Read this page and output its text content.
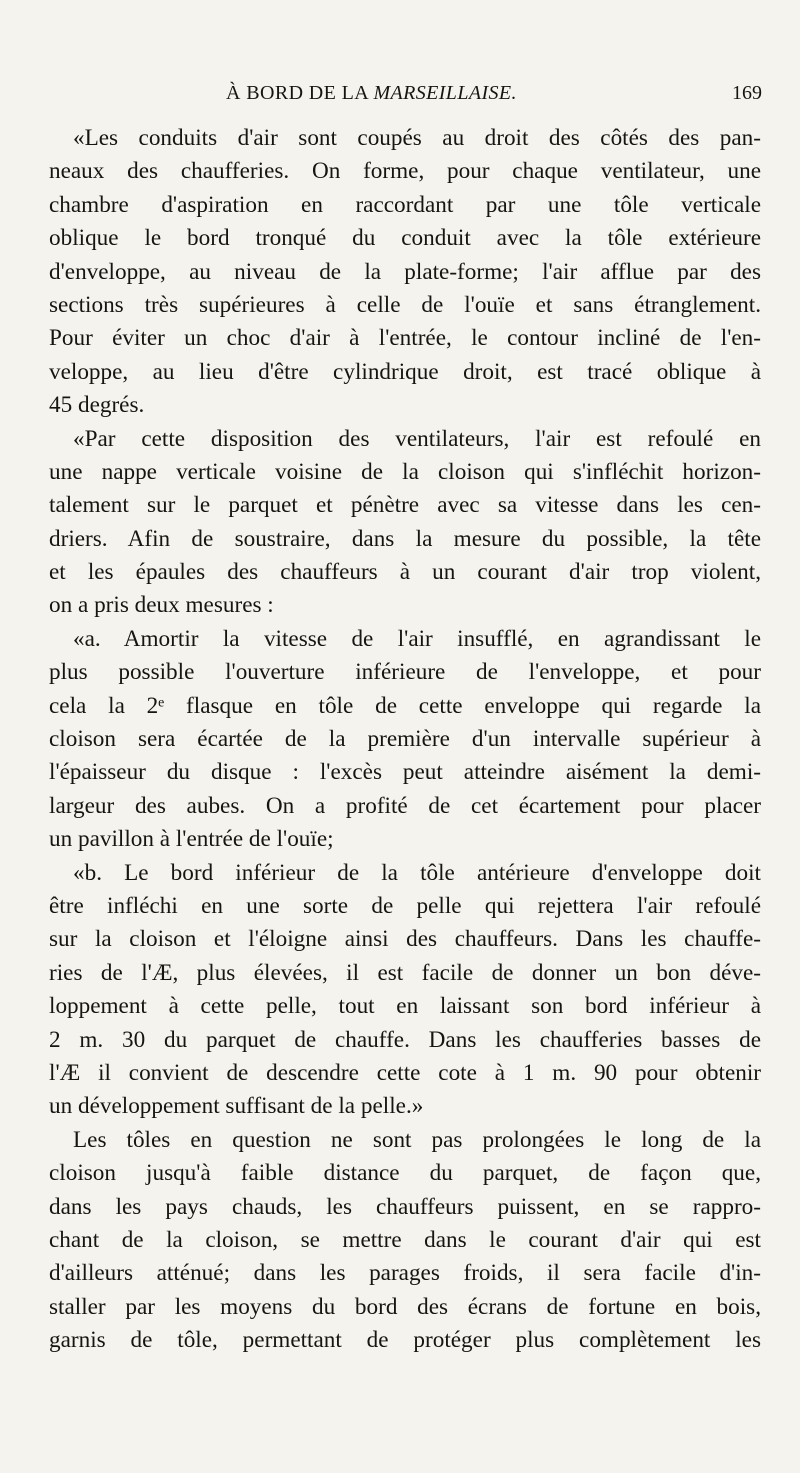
À BORD DE LA MARSEILLAISE.	169
«Les conduits d'air sont coupés au droit des côtés des pan-
neaux des chaufferies. On forme, pour chaque ventilateur, une
chambre d'aspiration en raccordant par une tôle verticale
oblique le bord tronqué du conduit avec la tôle extérieure
d'enveloppe, au niveau de la plate-forme; l'air afflue par des
sections très supérieures à celle de l'ouïe et sans étranglement.
Pour éviter un choc d'air à l'entrée, le contour incliné de l'en-
veloppe, au lieu d'être cylindrique droit, est tracé oblique à
45 degrés.
«Par cette disposition des ventilateurs, l'air est refoulé en
une nappe verticale voisine de la cloison qui s'infléchit horizon-
talement sur le parquet et pénètre avec sa vitesse dans les cen-
driers. Afin de soustraire, dans la mesure du possible, la tête
et les épaules des chauffeurs à un courant d'air trop violent,
on a pris deux mesures :
«a. Amortir la vitesse de l'air insufflé, en agrandissant le
plus possible l'ouverture inférieure de l'enveloppe, et pour
cela la 2ᵉ flasque en tôle de cette enveloppe qui regarde la
cloison sera écartée de la première d'un intervalle supérieur à
l'épaisseur du disque : l'excès peut atteindre aisément la demi-
largeur des aubes. On a profité de cet écartement pour placer
un pavillon à l'entrée de l'ouïe;
«b. Le bord inférieur de la tôle antérieure d'enveloppe doit
être infléchi en une sorte de pelle qui rejettera l'air refoulé
sur la cloison et l'éloigne ainsi des chauffeurs. Dans les chauffe-
ries de l'Æ, plus élevées, il est facile de donner un bon déve-
loppement à cette pelle, tout en laissant son bord inférieur à
2 m. 30 du parquet de chauffe. Dans les chaufferies basses de
l'Æ il convient de descendre cette cote à 1 m. 90 pour obtenir
un développement suffisant de la pelle.»
Les tôles en question ne sont pas prolongées le long de la
cloison jusqu'à faible distance du parquet, de façon que,
dans les pays chauds, les chauffeurs puissent, en se rappro-
chant de la cloison, se mettre dans le courant d'air qui est
d'ailleurs atténué; dans les parages froids, il sera facile d'in-
staller par les moyens du bord des écrans de fortune en bois,
garnis de tôle, permettant de protéger plus complètement les
